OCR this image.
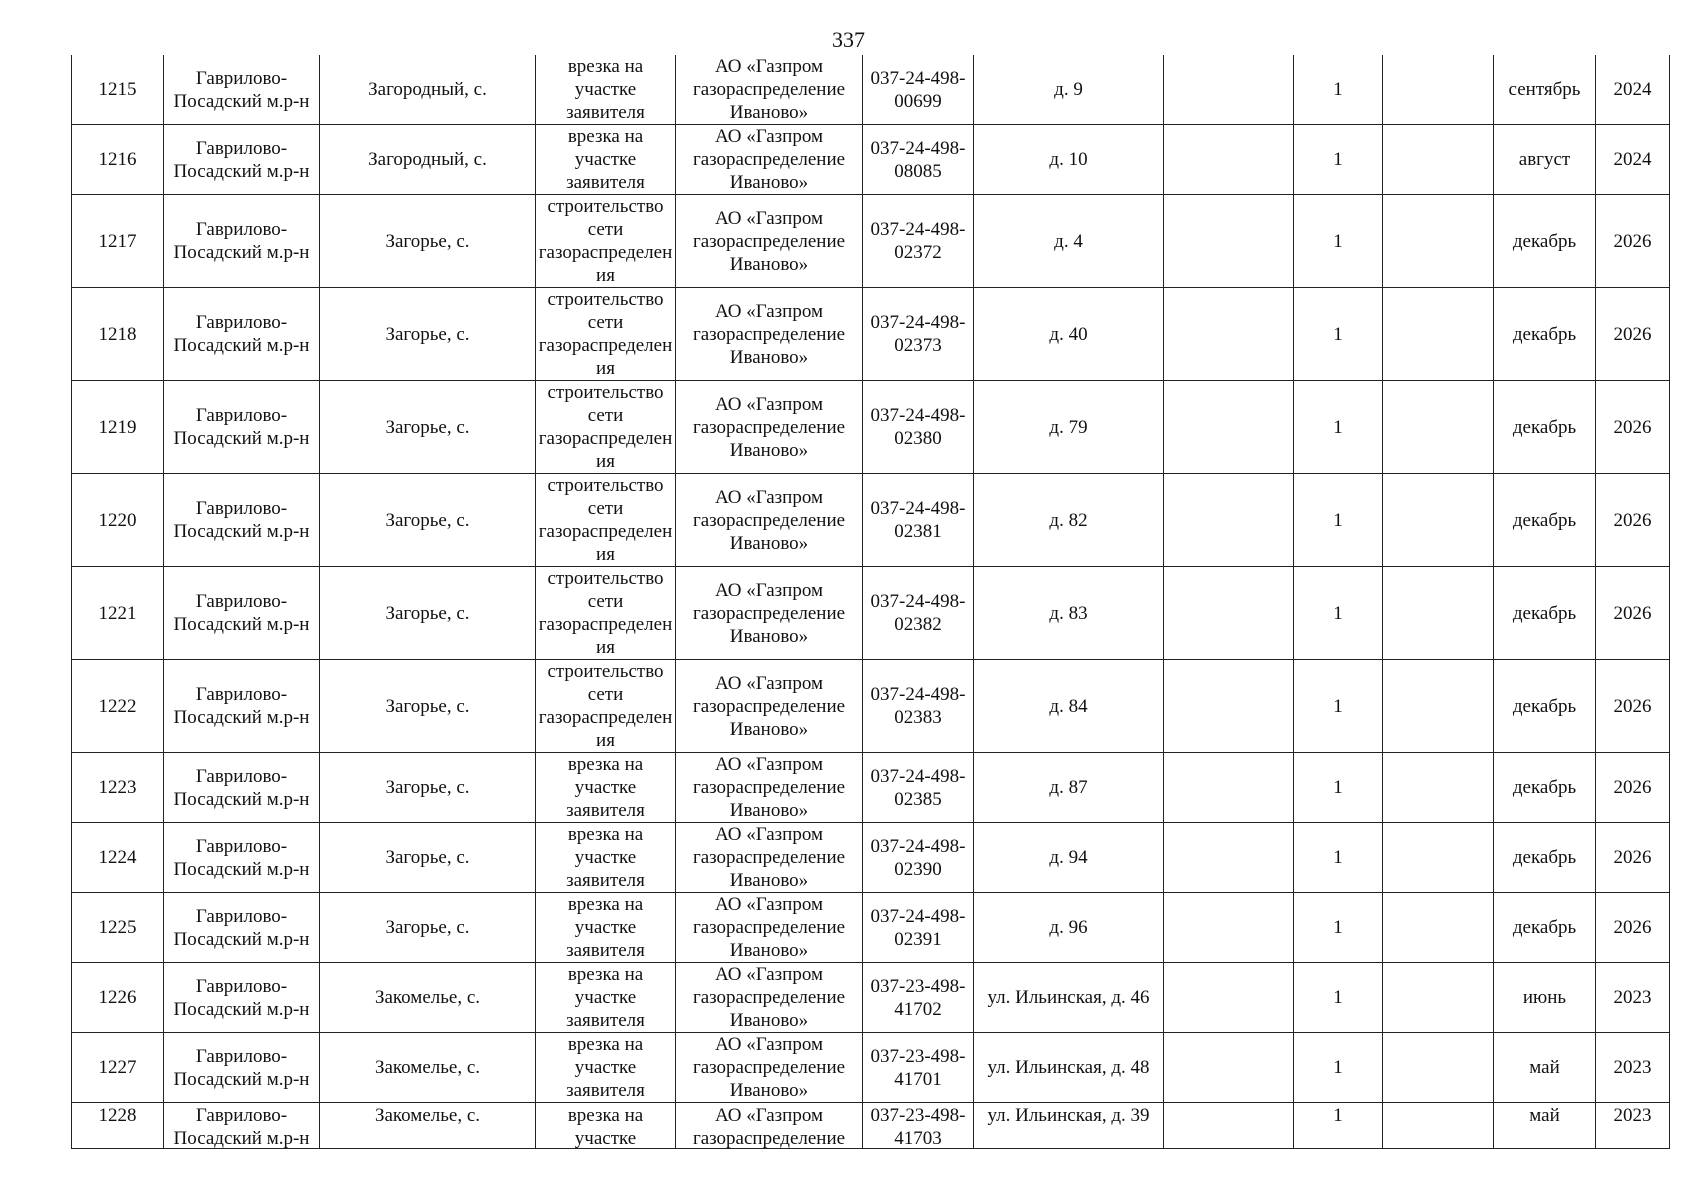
337
1215	Гаврилово-Посадский м.р-н	Загородный, с.	врезка на участке заявителя	АО «Газпром газораспределение Иваново»	037-24-498-00699	д. 9		1		сентябрь	2024

1216	Гаврилово-Посадский м.р-н	Загородный, с.	врезка на участке заявителя	АО «Газпром газораспределение Иваново»	037-24-498-08085	д. 10		1		август	2024

1217	Гаврилово-Посадский м.р-н	Загорье, с.	строительство сети газораспределения	АО «Газпром газораспределение Иваново»	037-24-498-02372	д. 4		1		декабрь	2026

1218	Гаврилово-Посадский м.р-н	Загорье, с.	строительство сети газораспределения	АО «Газпром газораспределение Иваново»	037-24-498-02373	д. 40		1		декабрь	2026

1219	Гаврилово-Посадский м.р-н	Загорье, с.	строительство сети газораспределения	АО «Газпром газораспределение Иваново»	037-24-498-02380	д. 79		1		декабрь	2026

1220	Гаврилово-Посадский м.р-н	Загорье, с.	строительство сети газораспределения	АО «Газпром газораспределение Иваново»	037-24-498-02381	д. 82		1		декабрь	2026

1221	Гаврилово-Посадский м.р-н	Загорье, с.	строительство сети газораспределения	АО «Газпром газораспределение Иваново»	037-24-498-02382	д. 83		1		декабрь	2026

1222	Гаврилово-Посадский м.р-н	Загорье, с.	строительство сети газораспределения	АО «Газпром газораспределение Иваново»	037-24-498-02383	д. 84		1		декабрь	2026

1223	Гаврилово-Посадский м.р-н	Загорье, с.	врезка на участке заявителя	АО «Газпром газораспределение Иваново»	037-24-498-02385	д. 87		1		декабрь	2026

1224	Гаврилово-Посадский м.р-н	Загорье, с.	врезка на участке заявителя	АО «Газпром газораспределение Иваново»	037-24-498-02390	д. 94		1		декабрь	2026

1225	Гаврилово-Посадский м.р-н	Загорье, с.	врезка на участке заявителя	АО «Газпром газораспределение Иваново»	037-24-498-02391	д. 96		1		декабрь	2026

1226	Гаврилово-Посадский м.р-н	Закомелье, с.	врезка на участке заявителя	АО «Газпром газораспределение Иваново»	037-23-498-41702	ул. Ильинская, д. 46		1		июнь	2023

1227	Гаврилово-Посадский м.р-н	Закомелье, с.	врезка на участке заявителя	АО «Газпром газораспределение Иваново»	037-23-498-41701	ул. Ильинская, д. 48		1		май	2023

1228	Гаврилово-Посадский м.р-н	Закомелье, с.	врезка на участке	АО «Газпром газораспределение	037-23-498-41703	ул. Ильинская, д. 39		1		май	2023
